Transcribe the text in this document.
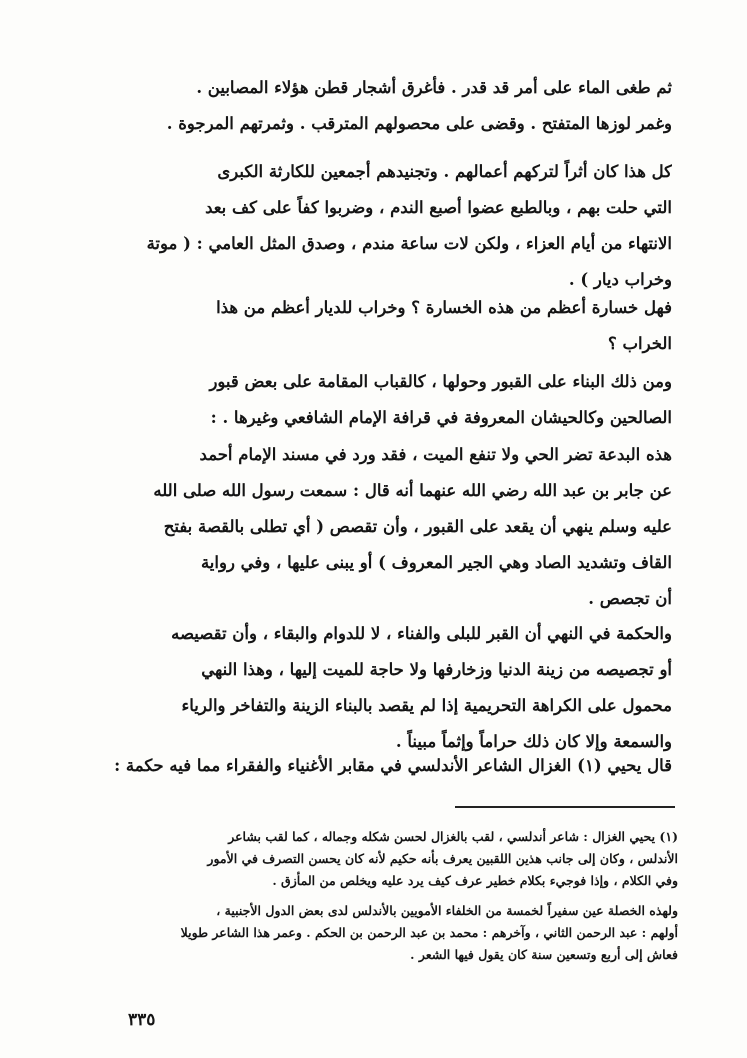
ثم طغى الماء على أمر قد قدر . فأغرق أشجار قطن هؤلاء المصابين .
وغمر لوزها المتفتح . وقضى على محصولهم المترقب . وثمرتهم المرجوة .
كل هذا كان أثراً لتركهم أعمالهم . وتجنيدهم أجمعين للكارثة الكبرى
التي حلت بهم ، وبالطبع عضوا أصبع الندم ، وضربوا كفاً على كف بعد
الانتهاء من أيام العزاء ، ولكن لات ساعة مندم ، وصدق المثل العامي : ( موتة
وخراب ديار ) .
فهل خسارة أعظم من هذه الخسارة ؟ وخراب للديار أعظم من هذا
الخراب ؟
ومن ذلك البناء على القبور وحولها ، كالقباب المقامة على بعض قبور
الصالحين وكالحيشان المعروفة في قرافة الإمام الشافعي وغيرها . :
هذه البدعة تضر الحي ولا تنفع الميت ، فقد ورد في مسند الإمام أحمد
عن جابر بن عبد الله رضي الله عنهما أنه قال : سمعت رسول الله صلى الله
عليه وسلم ينهي أن يقعد على القبور ، وأن تقصص ( أي تطلى بالقصة بفتح
القاف وتشديد الصاد وهي الجير المعروف ) أو يبنى عليها ، وفي رواية
أن تجصص .
والحكمة في النهي أن القبر للبلى والفناء ، لا للدوام والبقاء ، وأن تقصيصه
أو تجصيصه من زينة الدنيا وزخارفها ولا حاجة للميت إليها ، وهذا النهي
محمول على الكراهة التحريمية إذا لم يقصد بالبناء الزينة والتفاخر والرياء
والسمعة وإلا كان ذلك حراماً وإثماً مبيناً .
قال يحيي (١) الغزال الشاعر الأندلسي في مقابر الأغنياء والفقراء مما فيه حكمة :
(١) يحيي الغزال : شاعر أندلسي ، لقب بالغزال لحسن شكله وجماله ، كما لقب بشاعر
الأندلس ، وكان إلى جانب هذين اللقبين يعرف بأنه حكيم لأنه كان يحسن التصرف في الأمور
وفي الكلام ، وإذا فوجيء بكلام خطير عرف كيف يرد عليه ويخلص من المأزق .
ولهذه الخصلة عين سفيراً لخمسة من الخلفاء الأمويين بالأندلس لدى بعض الدول الأجنبية ،
أولهم : عبد الرحمن الثاني ، وآخرهم : محمد بن عبد الرحمن بن الحكم . وعمر هذا الشاعر طويلا
فعاش إلى أربع وتسعين سنة كان يقول فيها الشعر .
٣٣٥
